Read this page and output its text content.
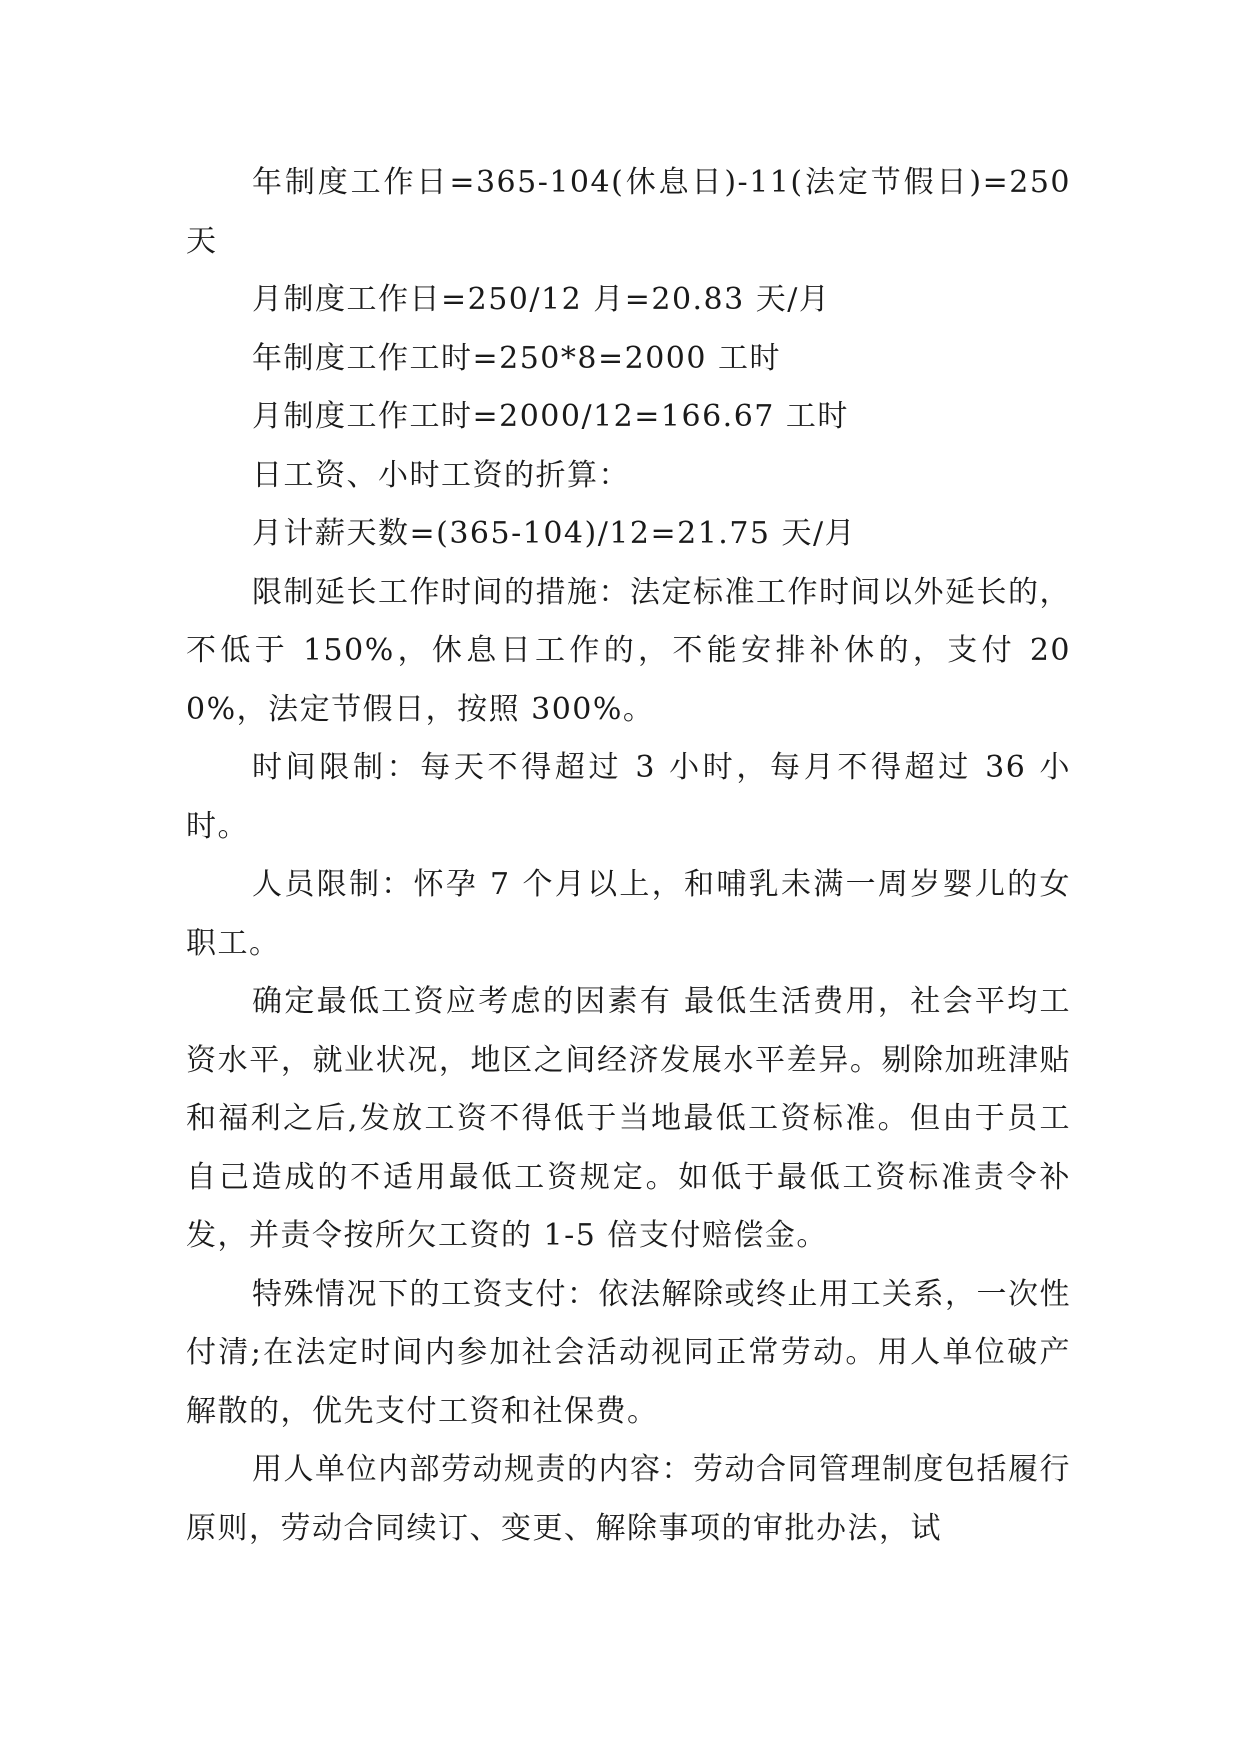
年制度工作日=365-104(休息日)-11(法定节假日)=250 天

月制度工作日=250/12 月=20.83 天/月

年制度工作工时=250*8=2000 工时

月制度工作工时=2000/12=166.67 工时

日工资、小时工资的折算：

月计薪天数=(365-104)/12=21.75 天/月

限制延长工作时间的措施：法定标准工作时间以外延长的，不低于 150%，休息日工作的，不能安排补休的，支付 200%，法定节假日，按照 300%。

时间限制：每天不得超过 3 小时，每月不得超过 36 小时。

人员限制：怀孕 7 个月以上，和哺乳未满一周岁婴儿的女职工。

确定最低工资应考虑的因素有 最低生活费用，社会平均工资水平，就业状况，地区之间经济发展水平差异。剔除加班津贴和福利之后,发放工资不得低于当地最低工资标准。但由于员工自己造成的不适用最低工资规定。如低于最低工资标准责令补发，并责令按所欠工资的 1-5 倍支付赔偿金。

特殊情况下的工资支付：依法解除或终止用工关系，一次性付清;在法定时间内参加社会活动视同正常劳动。用人单位破产解散的，优先支付工资和社保费。

用人单位内部劳动规责的内容：劳动合同管理制度包括履行原则，劳动合同续订、变更、解除事项的审批办法，试
